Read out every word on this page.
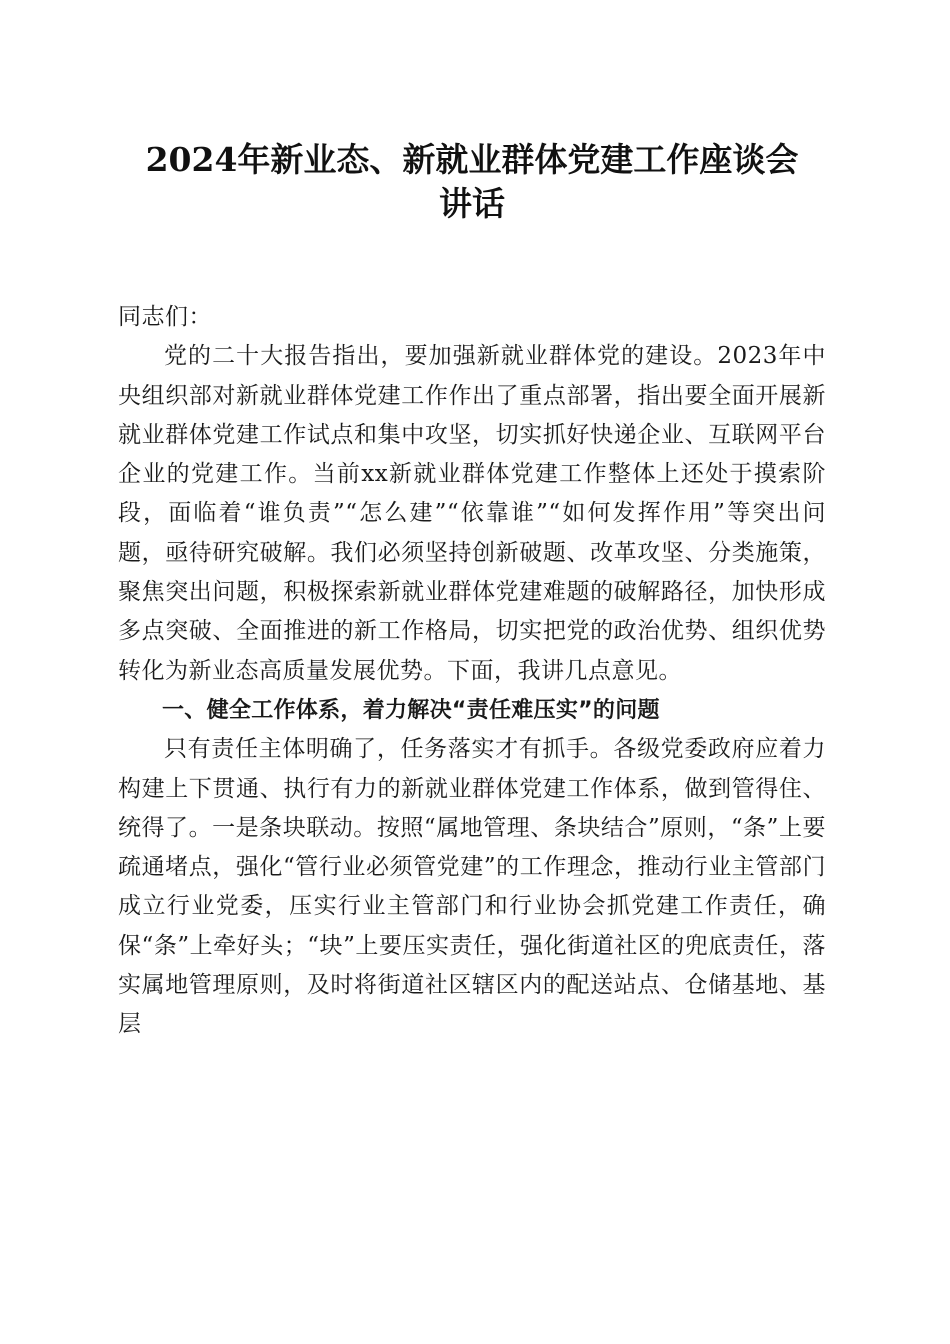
2024年新业态、新就业群体党建工作座谈会
讲话

同志们：

党的二十大报告指出，要加强新就业群体党的建设。2023年中央组织部对新就业群体党建工作作出了重点部署，指出要全面开展新就业群体党建工作试点和集中攻坚，切实抓好快递企业、互联网平台企业的党建工作。当前xx新就业群体党建工作整体上还处于摸索阶段，面临着“谁负责”“怎么建”“依靠谁”“如何发挥作用”等突出问题，亟待研究破解。我们必须坚持创新破题、改革攻坚、分类施策，聚焦突出问题，积极探索新就业群体党建难题的破解路径，加快形成多点突破、全面推进的新工作格局，切实把党的政治优势、组织优势转化为新业态高质量发展优势。下面，我讲几点意见。

一、健全工作体系，着力解决“责任难压实”的问题

只有责任主体明确了，任务落实才有抓手。各级党委政府应着力构建上下贯通、执行有力的新就业群体党建工作体系，做到管得住、统得了。一是条块联动。按照“属地管理、条块结合”原则，“条”上要疏通堵点，强化“管行业必须管党建”的工作理念，推动行业主管部门成立行业党委，压实行业主管部门和行业协会抓党建工作责任，确保“条”上牵好头；“块”上要压实责任，强化街道社区的兜底责任，落实属地管理原则，及时将街道社区辖区内的配送站点、仓储基地、基层
